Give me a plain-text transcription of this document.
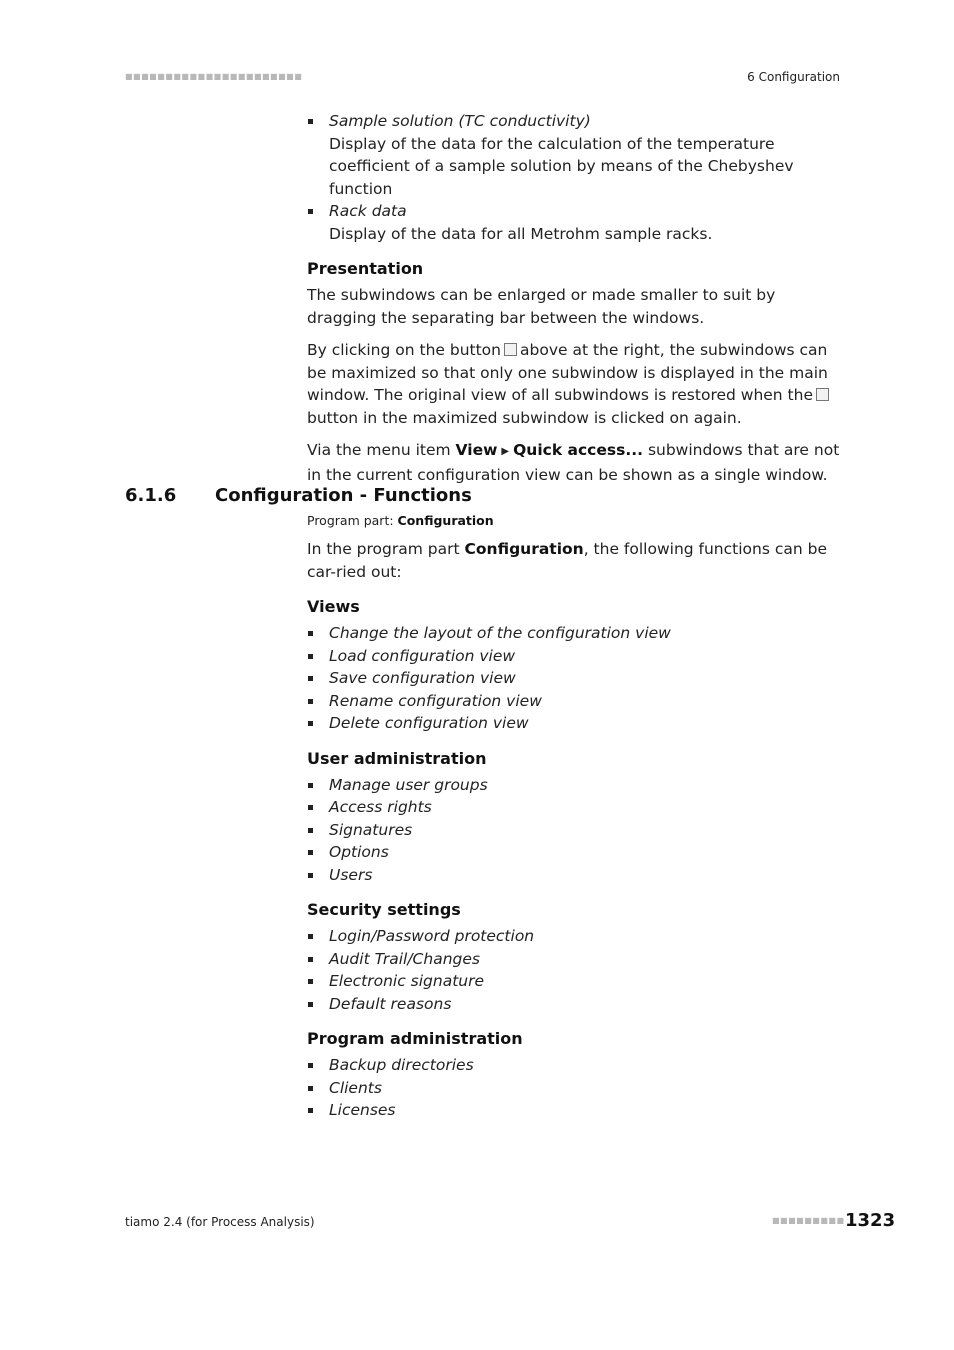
■■■■■■■■■■■■■■■■■■■■■■	6 Configuration
Sample solution (TC conductivity)
Display of the data for the calculation of the temperature coefficient of a sample solution by means of the Chebyshev function
Rack data
Display of the data for all Metrohm sample racks.
Presentation

The subwindows can be enlarged or made smaller to suit by dragging the separating bar between the windows.

By clicking on the button above at the right, the subwindows can be maximized so that only one subwindow is displayed in the main window. The original view of all subwindows is restored when thebutton in the maximized subwindow is clicked on again.

Via the menu item View ▶ Quick access... subwindows that are not in the current configuration view can be shown as a single window.

6.1.6 Configuration - Functions
Program part: Configuration

In the program part Configuration, the following functions can be car-ried out:

Views
Change the layout of the configuration view
Load configuration view
Save configuration view
Rename configuration view
Delete configuration view
User administration
Manage user groups
Access rights
Signatures
Options
Users
Security settings
Login/Password protection
Audit Trail/Changes
Electronic signature
Default reasons
Program administration
Backup directories
Clients
Licenses
tiamo 2.4 (for Process Analysis)	■■■■■■■■■ 1323
